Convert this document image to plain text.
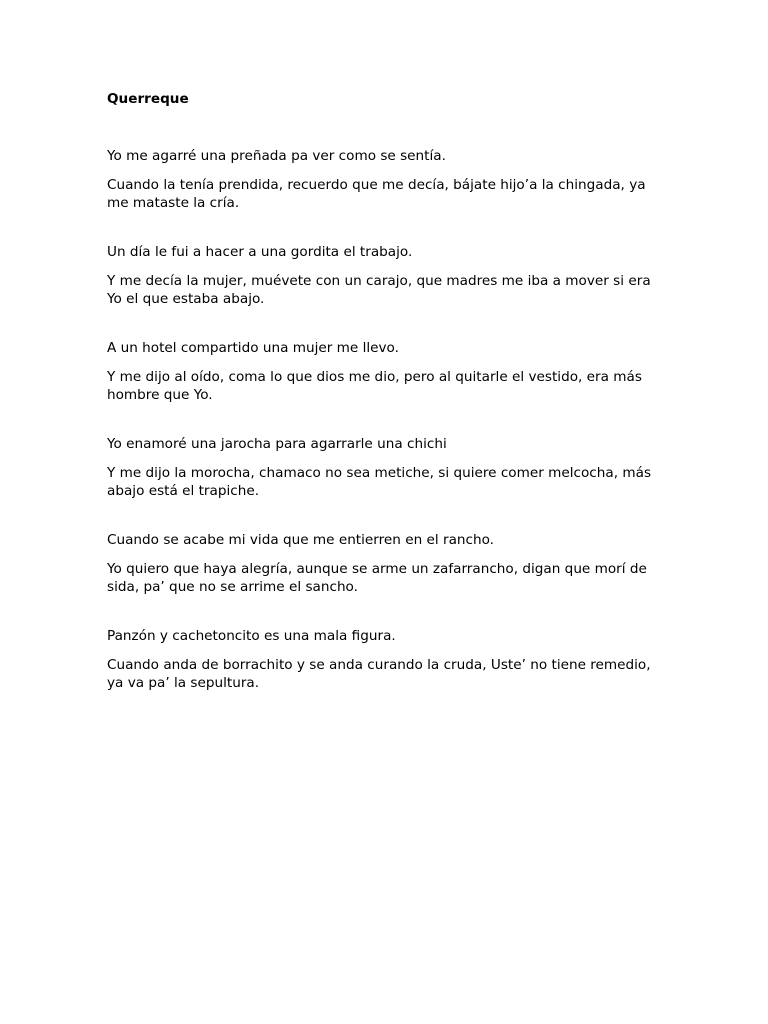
Querreque

Yo me agarré una preñada pa ver como se sentía.

Cuando la tenía prendida, recuerdo que me decía, bájate hijo’a la chingada, ya me mataste la cría.

Un día le fui a hacer a una gordita el trabajo.

Y me decía la mujer, muévete con un carajo, que madres me iba a mover si era Yo el que estaba abajo.

A un hotel compartido una mujer me llevo.

Y me dijo al oído, coma lo que dios me dio, pero al quitarle el vestido, era más hombre que Yo.

Yo enamoré una jarocha para agarrarle una chichi

Y me dijo la morocha, chamaco no sea metiche, si quiere comer melcocha, más abajo está el trapiche.

Cuando se acabe mi vida que me entierren en el rancho.

Yo quiero que haya alegría, aunque se arme un zafarrancho, digan que morí de sida, pa’ que no se arrime el sancho.

Panzón y cachetoncito es una mala figura.

Cuando anda de borrachito y se anda curando la cruda, Uste’ no tiene remedio, ya va pa’ la sepultura.
